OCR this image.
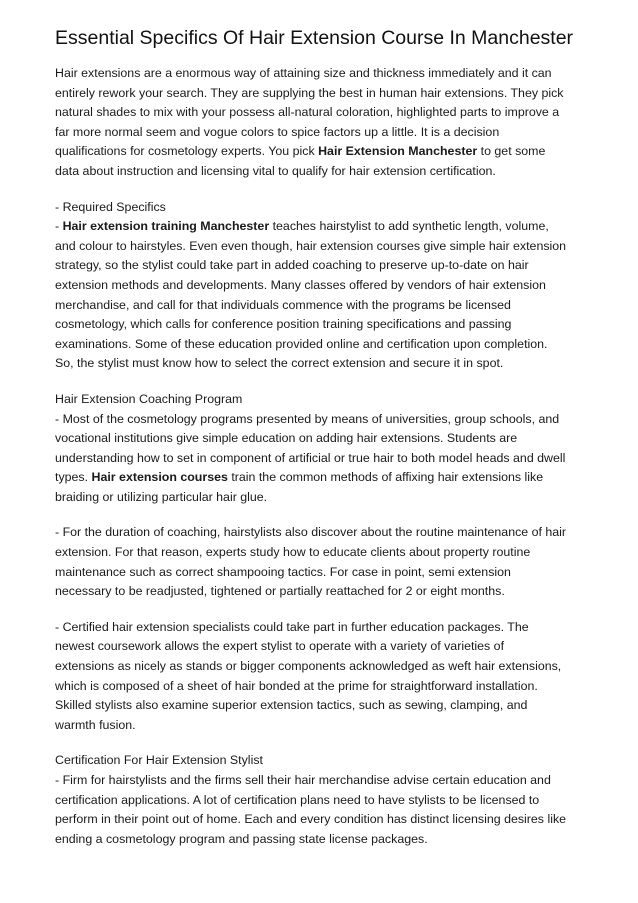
Essential Specifics Of Hair Extension Course In Manchester

Hair extensions are a enormous way of attaining size and thickness immediately and it can
entirely rework your search. They are supplying the best in human hair extensions. They pick
natural shades to mix with your possess all-natural coloration, highlighted parts to improve a
far more normal seem and vogue colors to spice factors up a little. It is a decision
qualifications for cosmetology experts. You pick Hair Extension Manchester to get some
data about instruction and licensing vital to qualify for hair extension certification.

- Required Specifics
- Hair extension training Manchester teaches hairstylist to add synthetic length, volume,
and colour to hairstyles. Even even though, hair extension courses give simple hair extension
strategy, so the stylist could take part in added coaching to preserve up-to-date on hair
extension methods and developments. Many classes offered by vendors of hair extension
merchandise, and call for that individuals commence with the programs be licensed
cosmetology, which calls for conference position training specifications and passing
examinations. Some of these education provided online and certification upon completion.
So, the stylist must know how to select the correct extension and secure it in spot.

Hair Extension Coaching Program
- Most of the cosmetology programs presented by means of universities, group schools, and
vocational institutions give simple education on adding hair extensions. Students are
understanding how to set in component of artificial or true hair to both model heads and dwell
types. Hair extension courses train the common methods of affixing hair extensions like
braiding or utilizing particular hair glue.

- For the duration of coaching, hairstylists also discover about the routine maintenance of hair
extension. For that reason, experts study how to educate clients about property routine
maintenance such as correct shampooing tactics. For case in point, semi extension
necessary to be readjusted, tightened or partially reattached for 2 or eight months.

- Certified hair extension specialists could take part in further education packages. The
newest coursework allows the expert stylist to operate with a variety of varieties of
extensions as nicely as stands or bigger components acknowledged as weft hair extensions,
which is composed of a sheet of hair bonded at the prime for straightforward installation.
Skilled stylists also examine superior extension tactics, such as sewing, clamping, and
warmth fusion.

Certification For Hair Extension Stylist
- Firm for hairstylists and the firms sell their hair merchandise advise certain education and
certification applications. A lot of certification plans need to have stylists to be licensed to
perform in their point out of home. Each and every condition has distinct licensing desires like
ending a cosmetology program and passing state license packages.
